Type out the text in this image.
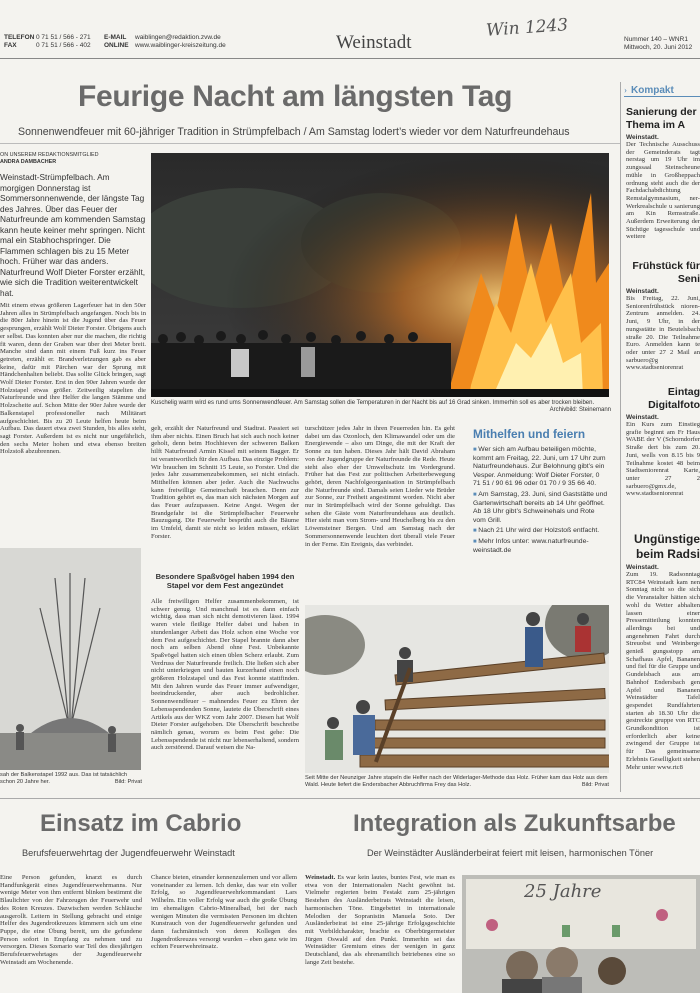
TELEFON
FAX
0 71 51 / 566 - 271
0 71 51 / 566 - 402
E-MAIL
ONLINE
waiblingen@redaktion.zvw.de
www.waiblinger-kreiszeitung.de	Weinstadt
Win 1243	Nummer 140 – WNR1
Mittwoch, 20. Juni 2012
Feurige Nacht am längsten Tag
Sonnenwendfeuer mit 60-jähriger Tradition in Strümpfelbach / Am Samstag lodert’s wieder vor dem Naturfreundehaus
ON UNSEREM REDAKTIONSMITGLIED
ANDRA DAMBACHER
Weinstadt-Strümpfelbach. Am morgigen Donnerstag ist Sommersonnenwende, der längste Tag des Jahres. Über das Feuer der Naturfreunde am kommenden Samstag kann heute keiner mehr springen. Nicht mal ein Stabhochspringer. Die Flammen schlagen bis zu 15 Meter hoch. Früher war das anders. Naturfreund Wolf Dieter Forster erzählt, wie sich die Tradition weiterentwickelt hat.
Mit einem etwas größeren Lagerfeuer hat in den 50er Jahren alles in Strümpfelbach angefangen. Noch bis in die 80er Jahre hinein ist die Jugend über das Feuer gesprungen, erzählt Wolf Dieter Forster. Übrigens auch er selbst. Das konnten aber nur die machen, die richtig fit waren, denn der Graben war über drei Meter breit. Manche sind dann mit einem Fuß kurz ins Feuer getreten, erzählt er. Brandverletzungen gab es aber keine, dafür mit Pärchen war der Sprung mit Händchenhalten beliebt. Das sollte Glück bringen, sagt Wolf Dieter Forster. Erst in den 90er Jahren wurde der Holzstapel etwas größer. Zeitweilig stapelten die Naturfreunde und ihre Helfer die langen Stämme und Holzscheite auf. Schon Mitte der 90er Jahre wurde der Balkenstapel professioneller nach Militärart aufgeschichtet. Bis zu 20 Leute helfen heute beim Aufbau. Das dauert etwa zwei Stunden, bis alles steht, sagt Forster. Außerdem ist es nicht nur ungefährlich, den sechs Meter hohen und etwa ebenso breiten Holzstoß abzubrennen.
Kuschelig warm wird es rund ums Sonnenwendfeuer. Am Samstag sollen die Temperaturen in der Nacht bis auf 16 Grad sinken. Immerhin soll es aber trocken bleiben.
Archivbild: Steinemann
gelt, erzählt der Naturfreund und Stadtrat. Passiert sei ihm aber nichts. Einen Bruch hat sich auch noch keiner geholt, denn beim Hochhieven der schweren Balken hilft Naturfreund Armin Kissel mit seinem Bagger. Er ist verantwortlich für den Aufbau. Das einzige Problem: Wir brauchen im Schnitt 15 Leute, so Forster. Und die jedes Jahr zusammenzubekommen, sei nicht einfach. Mitthelfen können aber jeder. Auch die Nachwuchs kann freiwillige Gemeinschaft brauchen. Denn zur Tradition gehört es, das man sich nächsten Morgen auf das Feuer aufzupassen. Keine Angst. Wegen der Brandgefahr ist die Strümpfelbacher Feuerwehr Bauzugang. Die Feuerwehr besprüht auch die Bäume im Umfeld, damit sie nicht so leiden müssen, erklärt Forster.
Besondere Spaßvögel haben 1994 den Stapel vor dem Fest angezündet
Alle freiwilligen Helfer zusammenbekommen, ist schwer genug. Und manchmal ist es dann einfach wichtig, dass man sich nicht demotivieren lässt. 1994 waren viele fleißige Helfer dabei und haben in stundenlanger Arbeit das Holz schon eine Woche vor dem Fest aufgeschichtet. Der Stapel brannte dann aber noch am selben Abend ohne Fest. Unbekannte Spaßvögel hatten sich einen üblen Scherz erlaubt. Zum Verdruss der Naturfreunde freilich. Die ließen sich aber nicht unterkriegen und bauten kurzerhand einen noch größeren Holzstapel und das Fest konnte stattfinden. Mit den Jahren wurde das Feuer immer aufwendiger, beeindruckender, aber auch bedrohlicher. Sonnenwendfeuer – mahnendes Feuer zu Ehren der Lebensspendenden Sonne, lautete die Überschrift eines Artikels aus der WKZ vom Jahr 2007. Diesen hat Wolf Dieter Forster aufgehoben. Die Überschrift beschreibe nämlich genau, worum es beim Fest gehe: Die Lebensspendende ist nicht nur lebenserhaltend, sondern auch zerstörend. Darauf weisen die Na-
turschützer jedes Jahr in ihren Feuerreden hin. Es geht dabei um das Ozonloch, den Klimawandel oder um die Energiewende – also um Dinge, die mit der Kraft der Sonne zu tun haben. Dieses Jahr hält David Abraham von der Jugendgruppe der Naturfreunde die Rede. Heute steht also eher der Umweltschutz im Vordergrund. Früher hat das Fest zur politischen Arbeiterbewegung gehört, deren Nachfolgeorganisation in Strümpfelbach die Naturfreunde sind. Damals seien Lieder wie Brüder zur Sonne, zur Freiheit angestimmt worden. Nicht aber nur in Strümpfelbach wird der Sonne gehuldigt. Das sehen die Gäste vom Naturfreundehaus aus deutlich. Hier sieht man vom Strom- und Heuchelberg bis zu den Löwensteiner Bergen. Und am Samstag nach der Sommersonnenwende leuchten dort überall viele Feuer in der Ferne. Ein Ereignis, das verbindet.
Mithelfen und feiern
■ Wer sich am Aufbau beteiligen möchte, kommt am Freitag, 22. Juni, um 17 Uhr zum Naturfreundehaus. Zur Belohnung gibt’s ein Vesper. Anmeldung: Wolf Dieter Forster, 0 71 51 / 90 61 96 oder 01 70 / 9 35 66 40.
■ Am Samstag, 23. Juni, sind Gaststätte und Gartenwirtschaft bereits ab 14 Uhr geöffnet. Ab 18 Uhr gibt’s Schweinehals und Rote vom Grill.
■ Nach 21 Uhr wird der Holzstoß entfacht.
■ Mehr Infos unter: www.naturfreunde-weinstadt.de
Seit Mitte der Neunziger Jahre stapeln die Helfer nach der Widerlager-Methode das Holz. Früher kam das Holz aus dem Wald. Heute liefert die Endersbacher Abbruchfirma Frey das Holz.	Bild: Privat
sah der Balkenstapel 1992 aus. Das ist tatsächlich schon 20 Jahre her.	Bild: Privat
› Kompakt
Sanierung der Thema im A
Weinstadt.
Der Technische Ausschuss der Gemeinderats tagt nerstag um 19 Uhr im zungssaal Steinscheune mühle in Großheppach ordnung steht auch die der Fachdachabdichtung Remstalgymnasium, ner-Werkrealschule u sanierung am Kin Remsstraße. Außerdem Erweiterung der Süchtige tagesschule und weitere
Frühstück für Seni
Weinstadt.
Bis Freitag, 22. Juni, Seniorenfrühstück nioren-Zentrum anmelden. 24. Juni, 9 Uhr, in der nungsstätte in Beutelsbach straße 20. Die Teilnahme Euro. Anmelden kann te oder unter 27 2 Mail an sarbuero@g www.stadtseniorenrat
Eintag Digitalfoto
Weinstadt.
Ein Kurs zum Einstieg grafie beginnt am Fr Haus WABE der V (Schorndorfer Straße dert bis zum 20. Juni, wells von 8.15 bis 9 Teilnahme kostet 48 beim Stadtseniorenrat Karte, unter 27 2 sarbuero@gmx.de, www.stadtseniorenrat
Ungünstige beim Radsi
Weinstadt.
Zum 19. Radsonntag RTC84 Weinstadt kam nen Sonntag nicht so die sich die Veranstalter hätten sich wohl du Wetter abhalten lassen einer Pressemitteilung konnten allerdings bei und angenehmen Fahrt durch Streuobst und Weinberge genieß gungsstopp am Schafhaus Apfel, Bananen und fiel für die Gruppe und Gundelsbach aus am Bahnhof Endersbach gen Apfel und Bananen Weinstädter Tafel gespendet Rundfahrten starten ab 18.30 Uhr die gestreckte gruppe von RTC Grundkondition ist erforderlich aber keine zwingend der Gruppe ist für Das gemeinsame Erlebnis Geselligkeit stehen Mehr unter www.rtc8
Einsatz im Cabrio
Berufsfeuerwehrtag der Jugendfeuerwehr Weinstadt
Eine Person gefunden, knarzt es durch Handfunkgerät eines Jugendfeuerwehrmanns. Nur wenige Meter von ihm entfernt blinken bestimmt die Blaulichter von der Fahrzeugen der Feuerwehr und des Roten Kreuzes. Dazwischen werden Schläuche ausgerollt. Leitern in Stellung gebracht und einige Helfer des Jugendrotkreuzes kümmern sich um eine Puppe, die eine Übung bereit, um die gefundene Person sofort in Empfang zu nehmen und zu versorgen. Dieses Szenario war Teil des diesjährigen Berufsfeuerwehrtages der Jugendfeuerwehr Weinstadt am Wochenende.
Chance bieten, einander kennenzulernen und vor allem voneinander zu lernen. Ich denke, das war ein voller Erfolg, so Jugendfeuerwehrkommandant Lars Wilhelm. Ein voller Erfolg war auch die große Übung im ehemaligen Cabrio-Mineralbad, bei der nach wenigen Minuten die vermissten Personen im dichten Kunstrauch von der Jugendfeuerwehr gefunden und dann fachmännisch von deren Kollegen des Jugendrotkreuzes versorgt wurden – eben ganz wie im echten Feuerwehreinsatz.
Integration als Zukunftsarbe
Der Weinstädter Ausländerbeirat feiert mit leisen, harmonischen Töner
Weinstadt. Es war kein lautes, buntes Fest, wie man es etwa von der Internationalen Nacht gewöhnt ist. Vielmehr regierten beim Festakt zum 25-jährigen Bestehen des Ausländerbeirats Weinstadt die leisen, harmonischen Töne. Eingebettet in internationale Melodien der Sopranistin Manuela Soto. Der Ausländerbeirat ist eine 25-jährige Erfolgsgeschichte mit Vorbildcharakter, brachte es Oberbürgermeister Jürgen Oswald auf den Punkt. Immerhin sei das Weinstädter Gremium eines der wenigen in ganz Deutschland, das als ehrenamtlich betriebenes eine so lange Zeit bestehe.
25 Jahre
